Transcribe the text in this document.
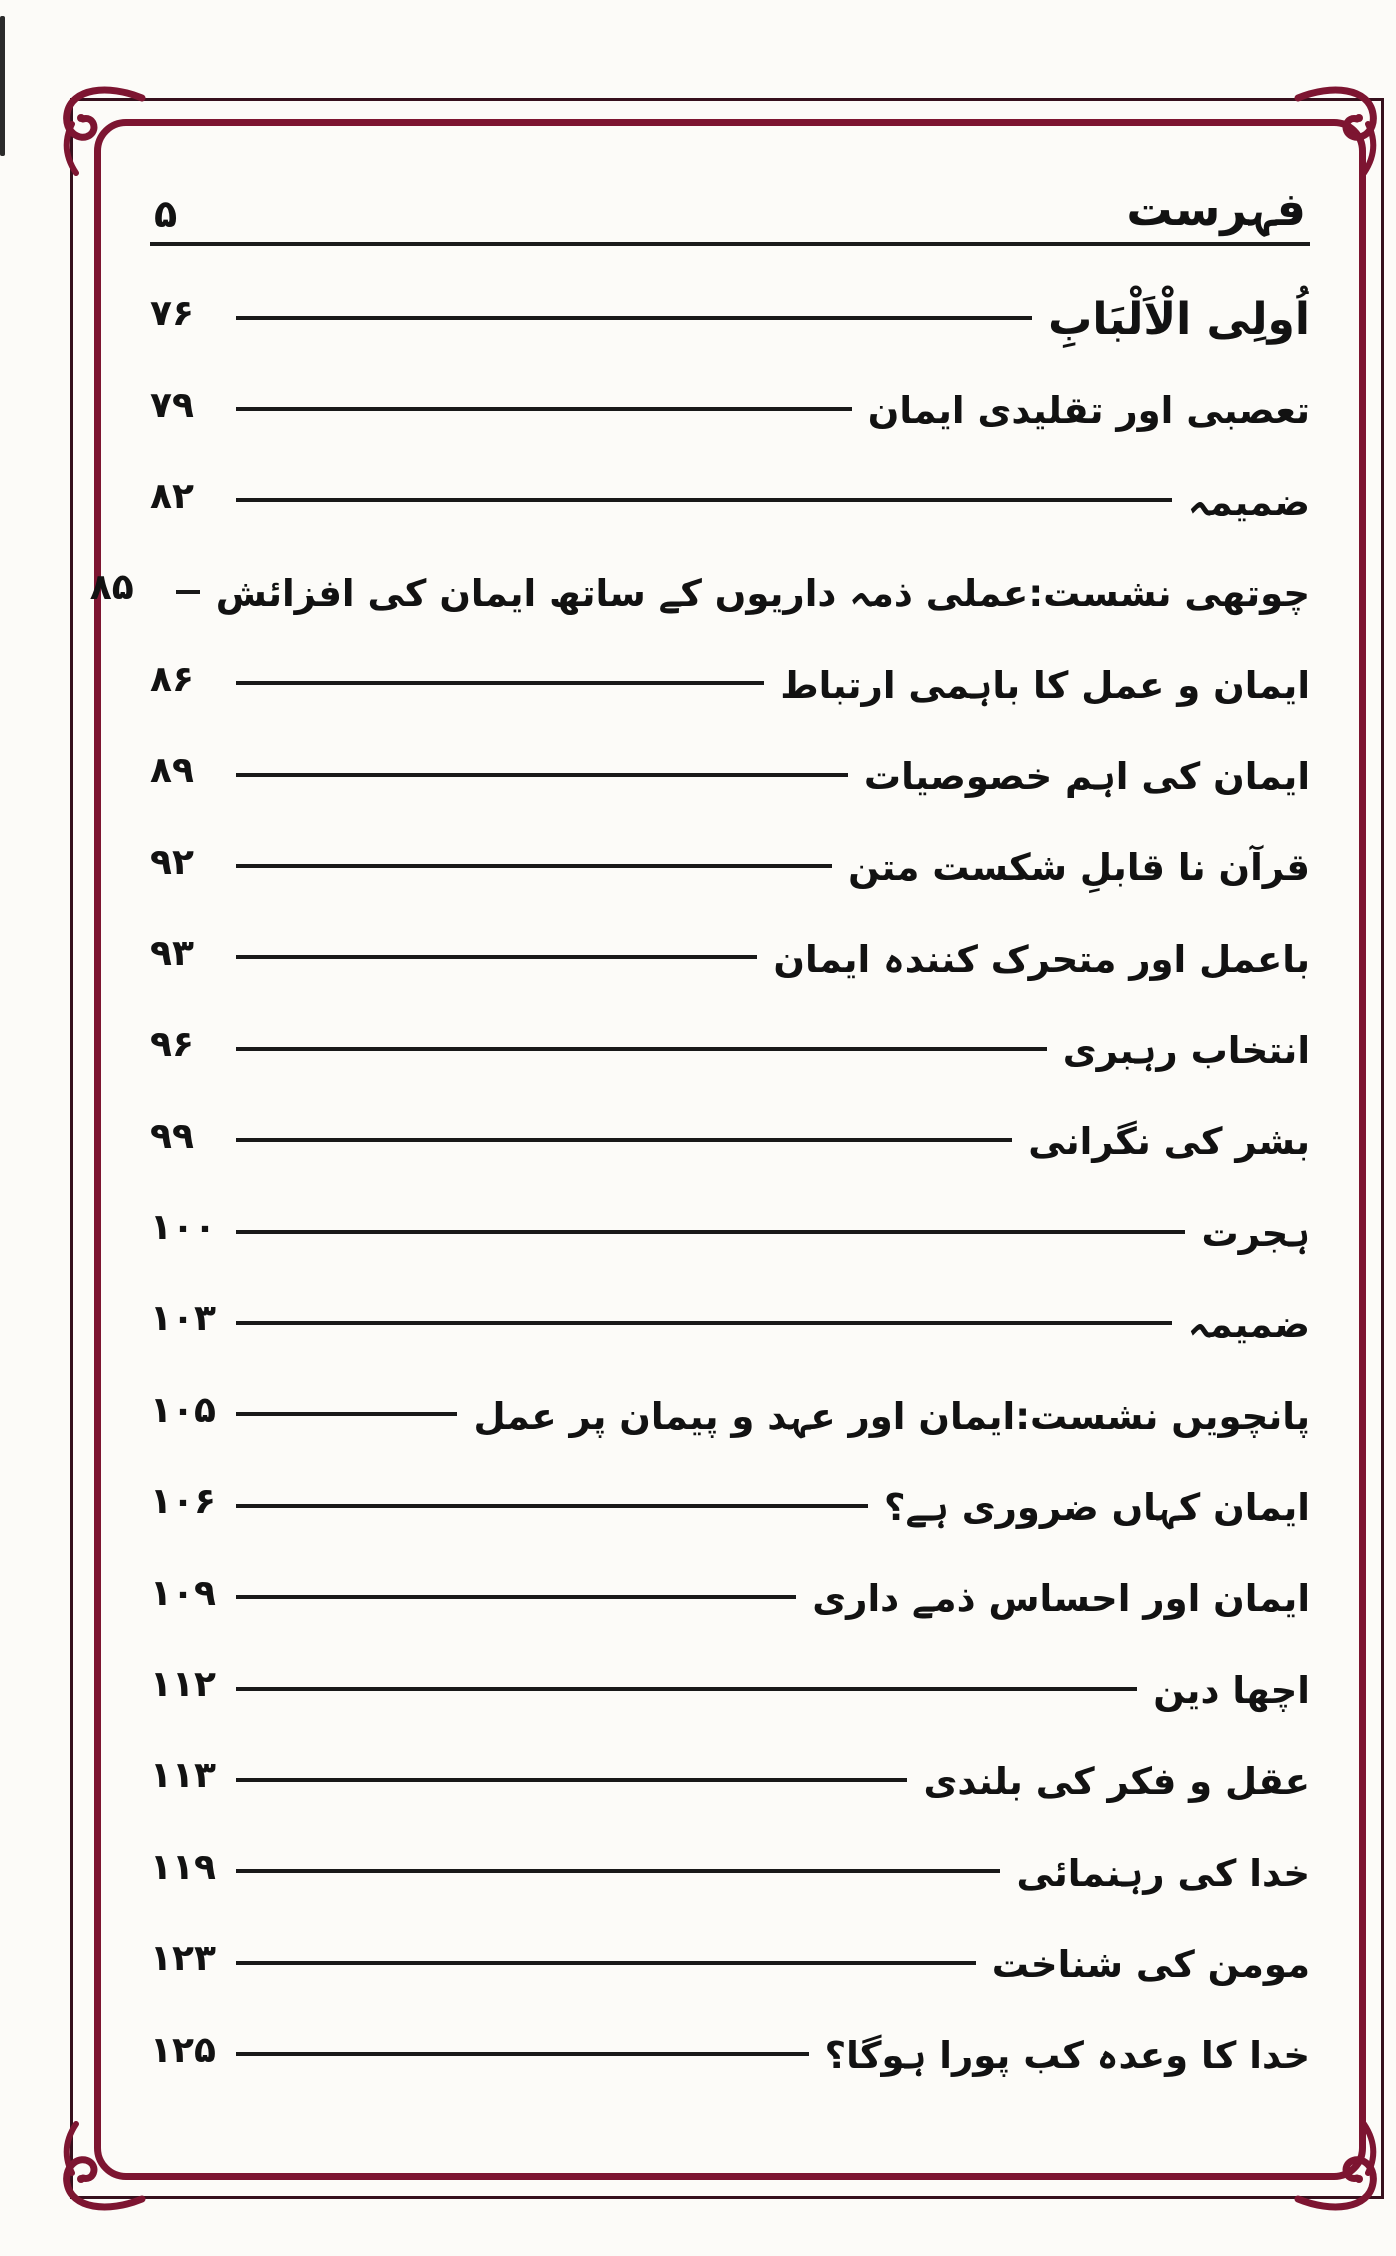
فہرست
۵
اُولِی الْاَلْبَابِ
۷۶
تعصبی اور تقلیدی ایمان
۷۹
ضمیمہ
۸۲
چوتھی نشست:عملی ذمہ داریوں کے ساتھ ایمان کی افزائش
۸۵
ایمان و عمل کا باہمی ارتباط
۸۶
ایمان کی اہم خصوصیات
۸۹
قرآن نا قابلِ شکست متن
۹۲
باعمل اور متحرک کنندہ ایمان
۹۳
انتخاب رہبری
۹۶
بشر کی نگرانی
۹۹
ہجرت
۱۰۰
ضمیمہ
۱۰۳
پانچویں نشست:ایمان اور عہد و پیمان پر عمل
۱۰۵
ایمان کہاں ضروری ہے؟
۱۰۶
ایمان اور احساس ذمے داری
۱۰۹
اچھا دین
۱۱۲
عقل و فکر کی بلندی
۱۱۳
خدا کی رہنمائی
۱۱۹
مومن کی شناخت
۱۲۳
خدا کا وعدہ کب پورا ہوگا؟
۱۲۵
